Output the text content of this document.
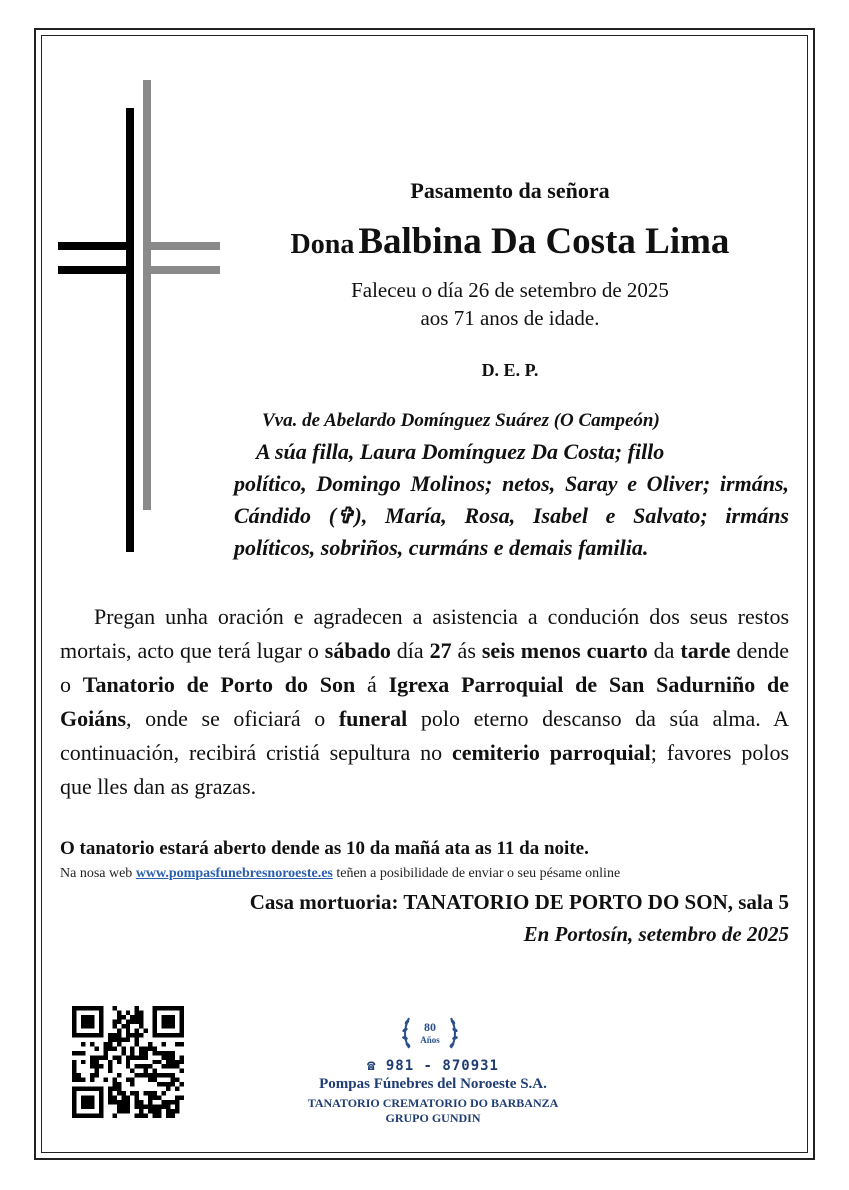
Pasamento da señora
Dona Balbina Da Costa Lima
Faleceu o día 26 de setembro de 2025
aos 71 anos de idade.
D. E. P.
Vva. de Abelardo Domínguez Suárez (O Campeón)
A súa filla, Laura Domínguez Da Costa; fillo
político, Domingo Molinos; netos, Saray e Oliver; irmáns, Cándido (✞), María, Rosa, Isabel e Salvato; irmáns políticos, sobriños, curmáns e demais familia.
Pregan unha oración e agradecen a asistencia a condución dos seus restos mortais, acto que terá lugar o sábado día 27 ás seis menos cuarto da tarde dende o Tanatorio de Porto do Son á Igrexa Parroquial de San Sadurniño de Goiáns, onde se oficiará o funeral polo eterno descanso da súa alma. A continuación, recibirá cristiá sepultura no cemiterio parroquial; favores polos que lles dan as grazas.
O tanatorio estará aberto dende as 10 da mañá ata as 11 da noite.
Na nosa web www.pompasfunebresnoroeste.es teñen a posibilidade de enviar o seu pésame online
Casa mortuoria: TANATORIO DE PORTO DO SON, sala 5
En Portosín, setembro de 2025
80
Años
☎ 981 - 870931
Pompas Fúnebres del Noroeste S.A.
TANATORIO CREMATORIO DO BARBANZA
GRUPO GUNDIN
